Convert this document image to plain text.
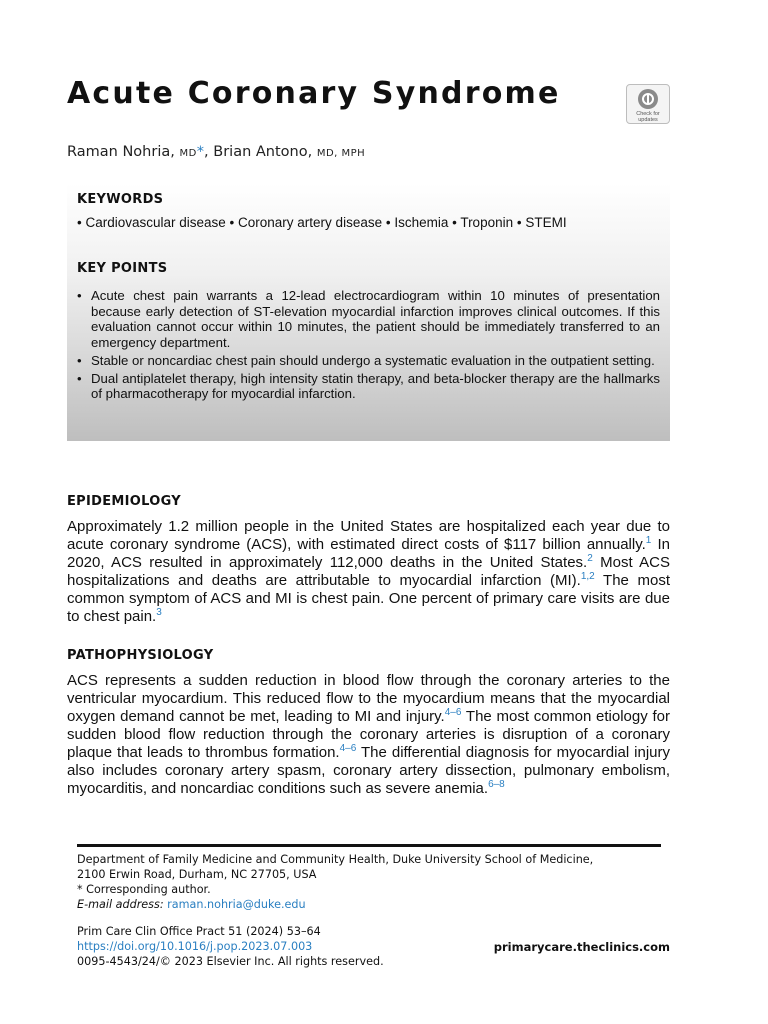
Acute Coronary Syndrome
Check for
updates
Raman Nohria, MD*, Brian Antono, MD, MPH
KEYWORDS
• Cardiovascular disease • Coronary artery disease • Ischemia • Troponin • STEMI
KEY POINTS
• Acute chest pain warrants a 12-lead electrocardiogram within 10 minutes of presentation because early detection of ST-elevation myocardial infarction improves clinical outcomes. If this evaluation cannot occur within 10 minutes, the patient should be immediately transferred to an emergency department.
• Stable or noncardiac chest pain should undergo a systematic evaluation in the outpatient setting.
• Dual antiplatelet therapy, high intensity statin therapy, and beta-blocker therapy are the hallmarks of pharmacotherapy for myocardial infarction.
EPIDEMIOLOGY

Approximately 1.2 million people in the United States are hospitalized each year due to acute coronary syndrome (ACS), with estimated direct costs of $117 billion annually.$^1$ In 2020, ACS resulted in approximately 112,000 deaths in the United States.$^2$ Most ACS hospitalizations and deaths are attributable to myocardial infarction (MI).$^{1,2}$ The most common symptom of ACS and MI is chest pain. One percent of primary care visits are due to chest pain.$^3$

PATHOPHYSIOLOGY

ACS represents a sudden reduction in blood flow through the coronary arteries to the ventricular myocardium. This reduced flow to the myocardium means that the myocardial oxygen demand cannot be met, leading to MI and injury.$^{4-6}$ The most common etiology for sudden blood flow reduction through the coronary arteries is disruption of a coronary plaque that leads to thrombus formation.$^{4-6}$ The differential diagnosis for myocardial injury also includes coronary artery spasm, coronary artery dissection, pulmonary embolism, myocarditis, and noncardiac conditions such as severe anemia.$^{6-8}$

Department of Family Medicine and Community Health, Duke University School of Medicine,
2100 Erwin Road, Durham, NC 27705, USA
* Corresponding author.
E-mail address: raman.nohria@duke.edu
Prim Care Clin Office Pract 51 (2024) 53–64
https://doi.org/10.1016/j.pop.2023.07.003
0095-4543/24/© 2023 Elsevier Inc. All rights reserved.
primarycare.theclinics.com
